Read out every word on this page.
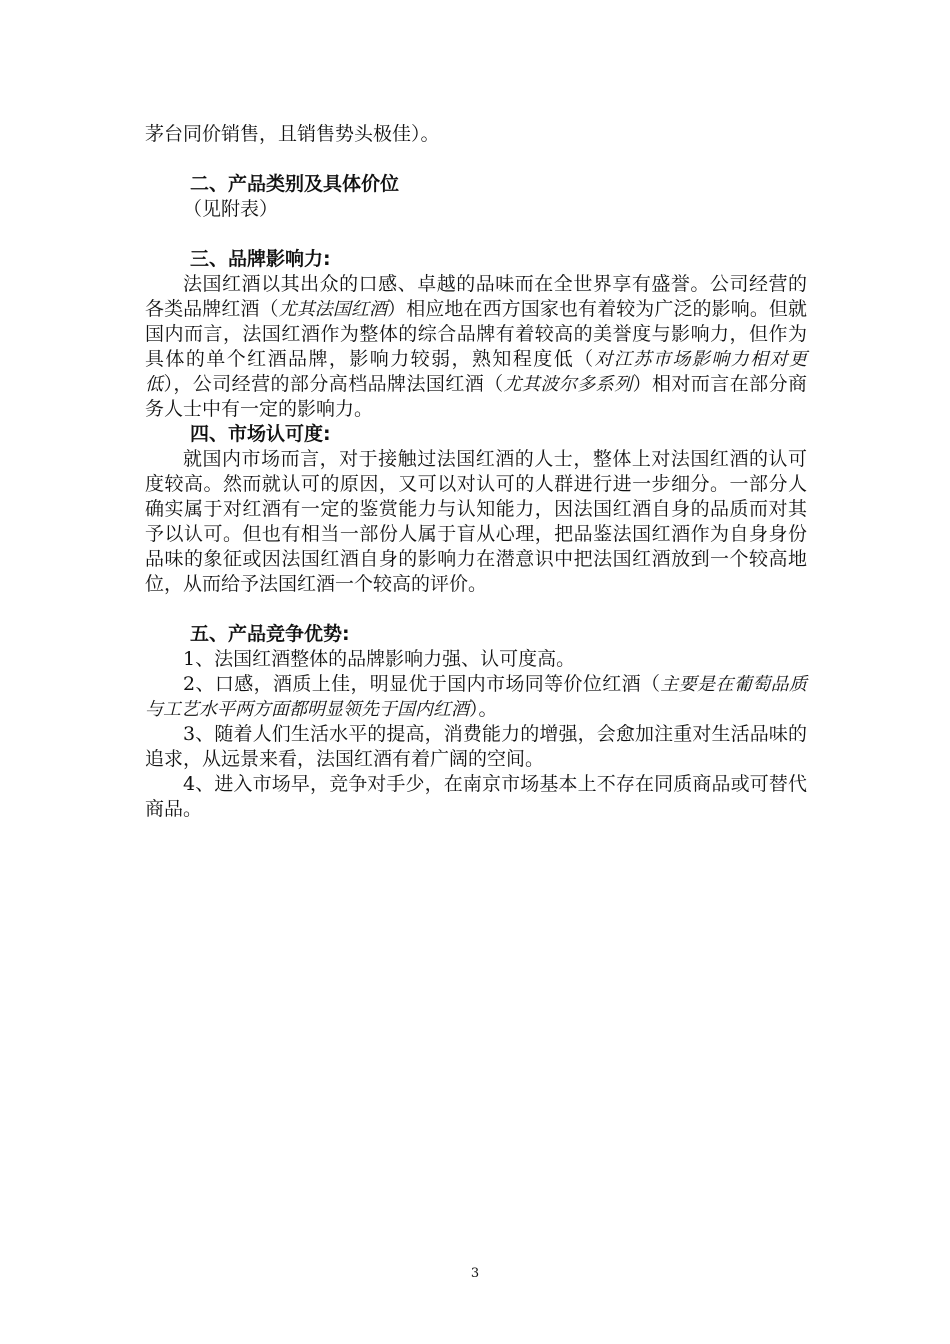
茅台同价销售，且销售势头极佳）。

二、产品类别及具体价位

（见附表）

三、品牌影响力:

法国红酒以其出众的口感、卓越的品味而在全世界享有盛誉。公司经营的各类品牌红酒（尤其法国红酒）相应地在西方国家也有着较为广泛的影响。但就国内而言，法国红酒作为整体的综合品牌有着较高的美誉度与影响力，但作为具体的单个红酒品牌，影响力较弱，熟知程度低（对江苏市场影响力相对更低），公司经营的部分高档品牌法国红酒（尤其波尔多系列）相对而言在部分商务人士中有一定的影响力。

四、市场认可度:

就国内市场而言，对于接触过法国红酒的人士，整体上对法国红酒的认可度较高。然而就认可的原因，又可以对认可的人群进行进一步细分。一部分人确实属于对红酒有一定的鉴赏能力与认知能力，因法国红酒自身的品质而对其予以认可。但也有相当一部份人属于盲从心理，把品鉴法国红酒作为自身身份品味的象征或因法国红酒自身的影响力在潜意识中把法国红酒放到一个较高地位，从而给予法国红酒一个较高的评价。

五、产品竞争优势:

1、法国红酒整体的品牌影响力强、认可度高。

2、口感，酒质上佳，明显优于国内市场同等价位红酒（主要是在葡萄品质与工艺水平两方面都明显领先于国内红酒）。

3、随着人们生活水平的提高，消费能力的增强，会愈加注重对生活品味的追求，从远景来看，法国红酒有着广阔的空间。

4、进入市场早，竞争对手少，在南京市场基本上不存在同质商品或可替代商品。

3
